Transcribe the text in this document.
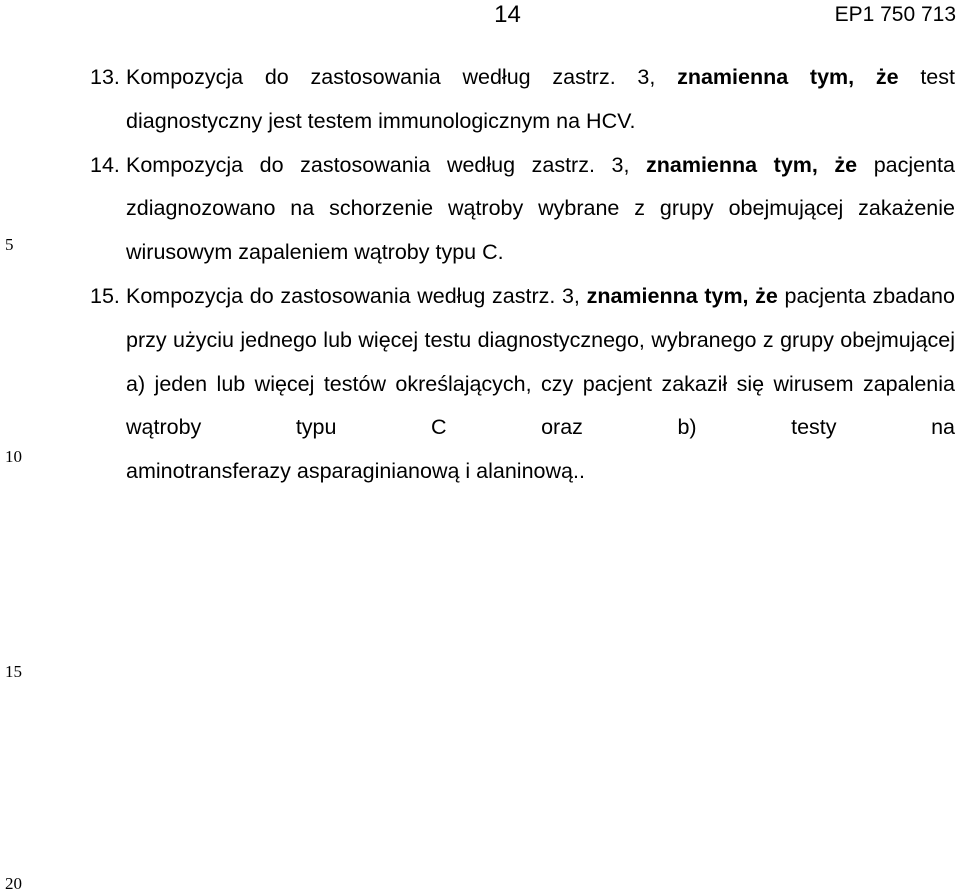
14	EP1 750 713
5
10
15
20
13. Kompozycja do zastosowania według zastrz. 3, znamienna tym, że test diagnostyczny jest testem immunologicznym na HCV.
14. Kompozycja do zastosowania według zastrz. 3, znamienna tym, że pacjenta zdiagnozowano na schorzenie wątroby wybrane z grupy obejmującej zakażenie wirusowym zapaleniem wątroby typu C.
15. Kompozycja do zastosowania według zastrz. 3, znamienna tym, że pacjenta zbadano przy użyciu jednego lub więcej testu diagnostycznego, wybranego z grupy obejmującej a) jeden lub więcej testów określających, czy pacjent zakaził się wirusem zapalenia wątroby typu C oraz b) testy na
aminotransferazy asparaginianową i alaninową..
